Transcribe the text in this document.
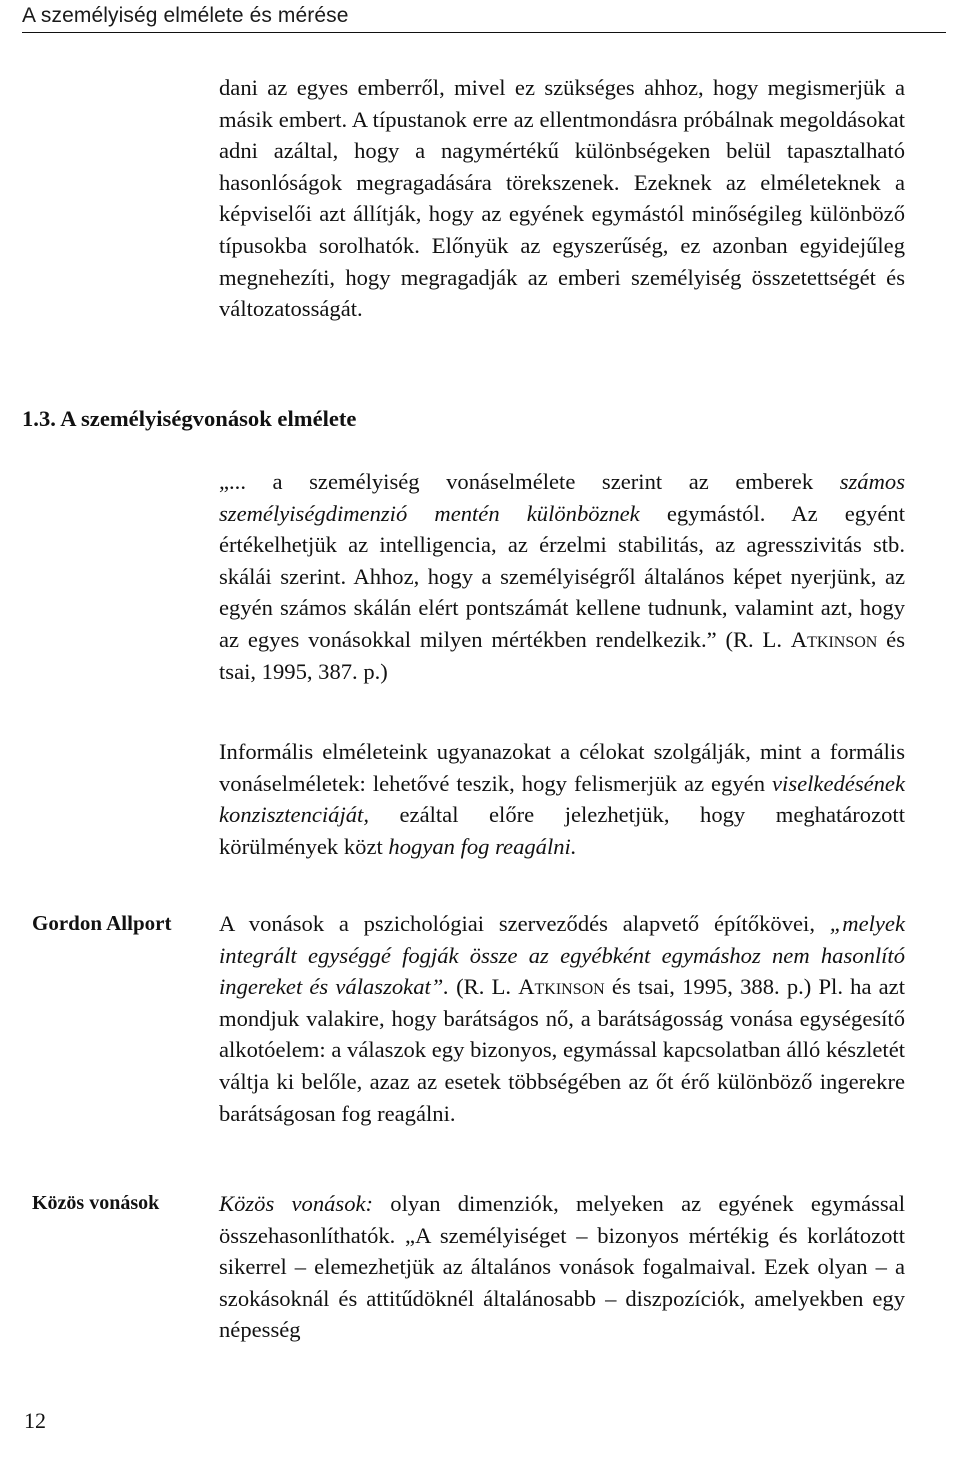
A személyiség elmélete és mérése
dani az egyes emberről, mivel ez szükséges ahhoz, hogy megismerjük a másik embert. A típustanok erre az ellentmondásra próbálnak megoldásokat adni azáltal, hogy a nagymértékű különbségeken belül tapasztalható hasonlóságok megragadására törekszenek. Ezeknek az elméleteknek a képviselői azt állítják, hogy az egyének egymástól minőségileg különböző típusokba sorolhatók. Előnyük az egyszerűség, ez azonban egyidejűleg megnehezíti, hogy megragadják az emberi személyiség összetettségét és változatosságát.
1.3. A személyiségvonások elmélete
„... a személyiség vonáselmélete szerint az emberek számos személyiségdimenzió mentén különböznek egymástól. Az egyént értékelhetjük az intelligencia, az érzelmi stabilitás, az agresszivitás stb. skálái szerint. Ahhoz, hogy a személyiségről általános képet nyerjünk, az egyén számos skálán elért pontszámát kellene tudnunk, valamint azt, hogy az egyes vonásokkal milyen mértékben rendelkezik.” (R. L. Atkinson és tsai, 1995, 387. p.)
Informális elméleteink ugyanazokat a célokat szolgálják, mint a formális vonáselméletek: lehetővé teszik, hogy felismerjük az egyén viselkedésének konzisztenciáját, ezáltal előre jelezhetjük, hogy meghatározott körülmények közt hogyan fog reagálni.
Gordon Allport A vonások a pszichológiai szerveződés alapvető építőkövei, „melyek integrált egységgé fogják össze az egyébként egymáshoz nem hasonlító ingereket és válaszokat”. (R. L. Atkinson és tsai, 1995, 388. p.) Pl. ha azt mondjuk valakire, hogy barátságos nő, a barátságosság vonása egységesítő alkotóelem: a válaszok egy bizonyos, egymással kapcsolatban álló készletét váltja ki belőle, azaz az esetek többségében az őt érő különböző ingerekre barátságosan fog reagálni.
Közös vonások	Közös vonások: olyan dimenziók, melyeken az egyének egymással összehasonlíthatók. „A személyiséget – bizonyos mértékig és korlátozott sikerrel – elemezhetjük az általános vonások fogalmaival. Ezek olyan – a szokásoknál és attitűdöknél általánosabb – diszpozíciók, amelyekben egy népesség
12
